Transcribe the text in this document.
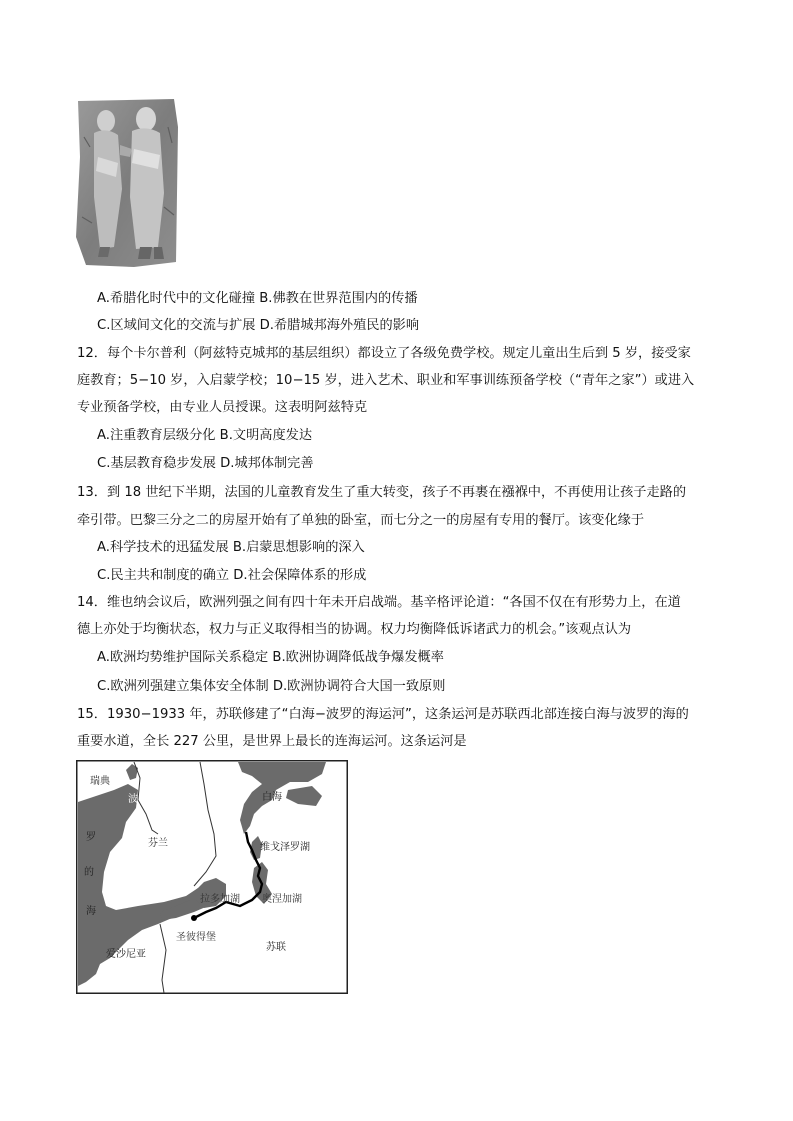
A.希腊化时代中的文化碰撞 B.佛教在世界范围内的传播
C.区域间文化的交流与扩展 D.希腊城邦海外殖民的影响
12．每个卡尔普利（阿兹特克城邦的基层组织）都设立了各级免费学校。规定儿童出生后到 5 岁，接受家
庭教育；5−10 岁，入启蒙学校；10−15 岁，进入艺术、职业和军事训练预备学校（“青年之家”）或进入
专业预备学校，由专业人员授课。这表明阿兹特克
A.注重教育层级分化 B.文明高度发达
C.基层教育稳步发展 D.城邦体制完善
13．到 18 世纪下半期，法国的儿童教育发生了重大转变，孩子不再裹在襁褓中，不再使用让孩子走路的
牵引带。巴黎三分之二的房屋开始有了单独的卧室，而七分之一的房屋有专用的餐厅。该变化缘于
A.科学技术的迅猛发展 B.启蒙思想影响的深入
C.民主共和制度的确立 D.社会保障体系的形成
14．维也纳会议后，欧洲列强之间有四十年未开启战端。基辛格评论道：“各国不仅在有形势力上，在道
德上亦处于均衡状态，权力与正义取得相当的协调。权力均衡降低诉诸武力的机会。”该观点认为
A.欧洲均势维护国际关系稳定 B.欧洲协调降低战争爆发概率
C.欧洲列强建立集体安全体制 D.欧洲协调符合大国一致原则
15．1930−1933 年，苏联修建了“白海−波罗的海运河”，这条运河是苏联西北部连接白海与波罗的海的
重要水道，全长 227 公里，是世界上最长的连海运河。这条运河是
瑞典
波
罗
的
海
芬兰
白海
维戈泽罗湖
拉多加湖 奥涅加湖
圣彼得堡
爱沙尼亚
苏联
